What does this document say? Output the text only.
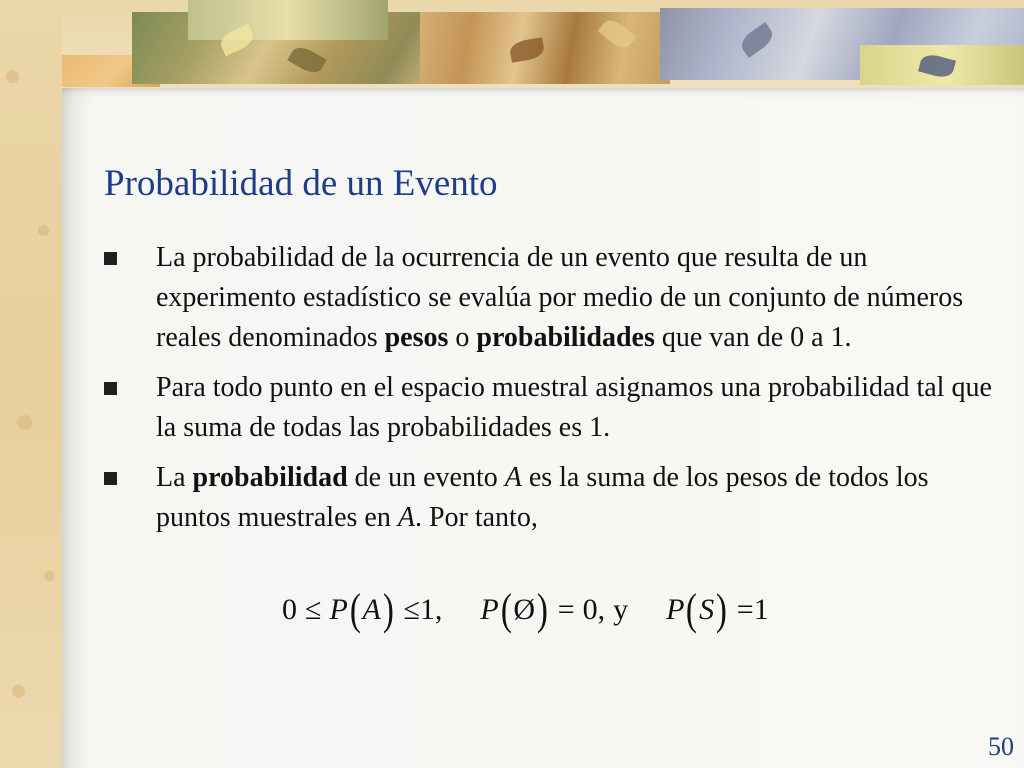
Probabilidad de un Evento
La probabilidad de la ocurrencia de un evento que resulta de un experimento estadístico se evalúa por medio de un conjunto de números reales denominados pesos o probabilidades que van de 0 a 1.
Para todo punto en el espacio muestral asignamos una probabilidad tal que la suma de todas las probabilidades es 1.
La probabilidad de un evento A es la suma de los pesos de todos los puntos muestrales en A. Por tanto,
0 ≤ P ( A ) ≤ 1, P ( Ø ) = 0, y P ( S ) = 1
50
